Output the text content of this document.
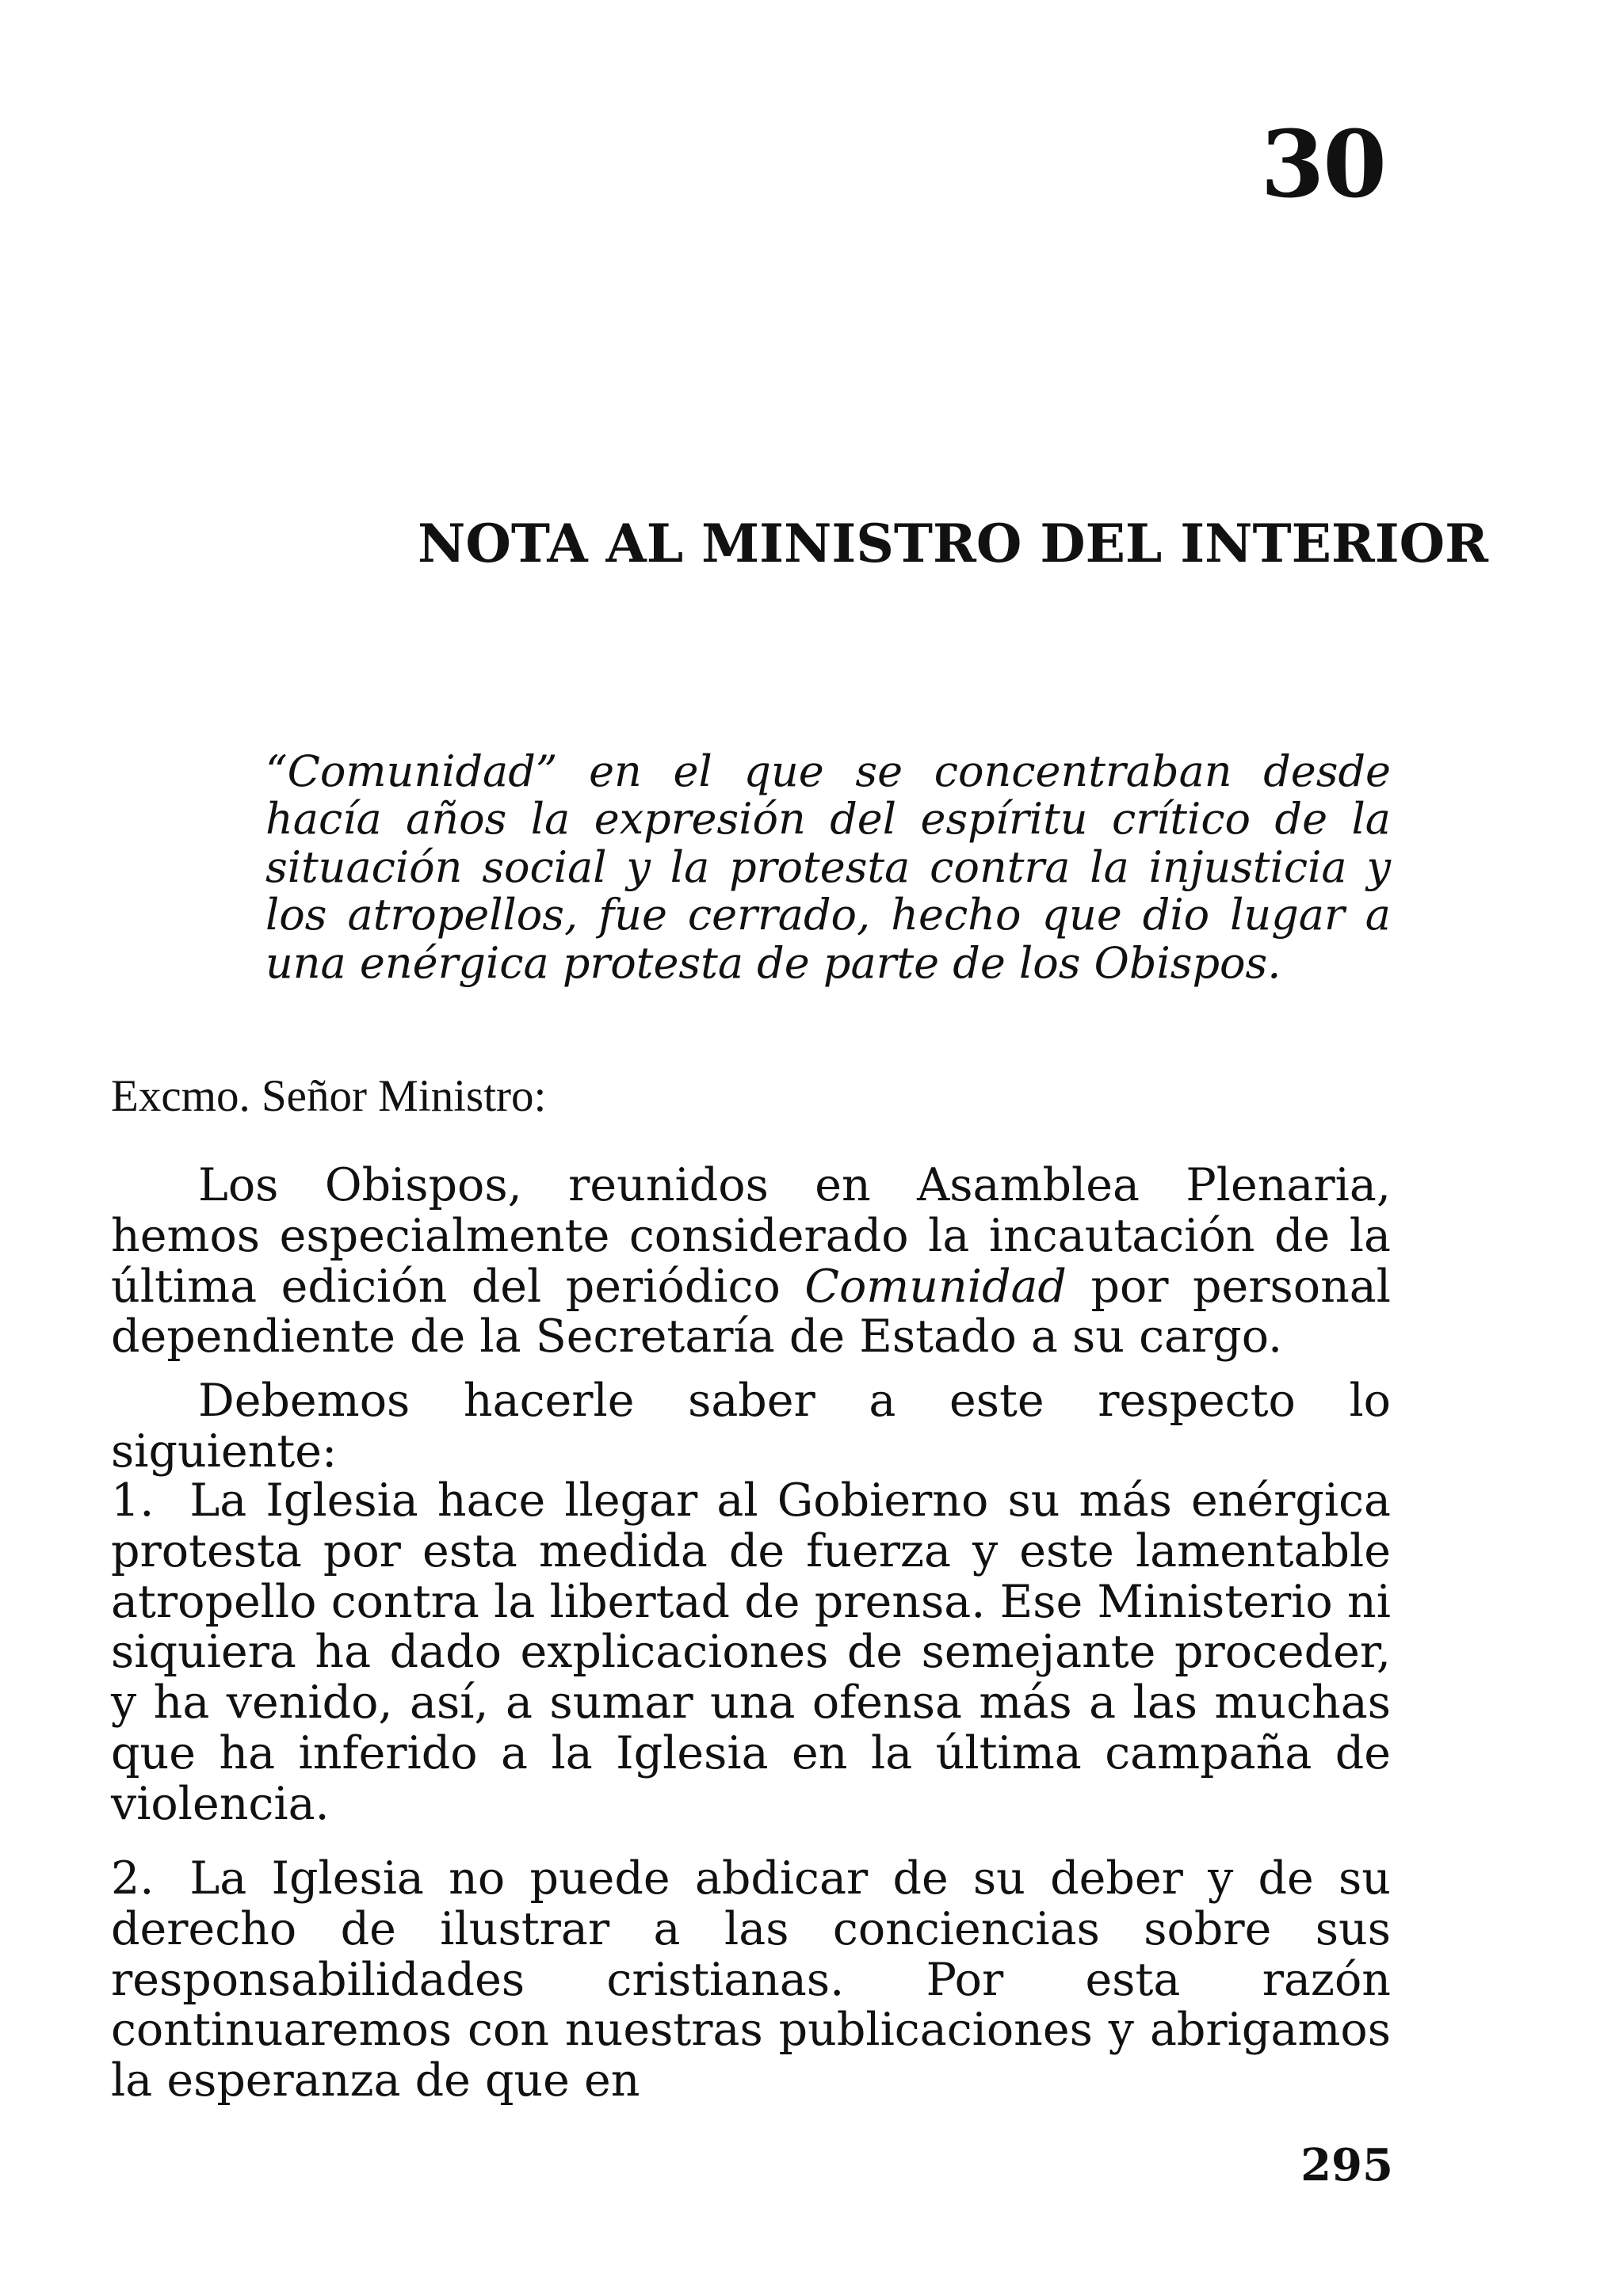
30
NOTA AL MINISTRO DEL INTERIOR

“Comunidad” en el que se concentraban desde hacía años la expresión del espíritu crítico de la situación social y la protesta contra la injusticia y los atropellos, fue cerrado, hecho que dio lugar a una enérgica protesta de parte de los Obispos.

Excmo. Señor Ministro:

Los Obispos, reunidos en Asamblea Plenaria, hemos especialmente considerado la incautación de la última edición del periódico Comunidad por personal dependiente de la Secretaría de Estado a su cargo.

Debemos hacerle saber a este respecto lo siguiente:

1. La Iglesia hace llegar al Gobierno su más enérgica protesta por esta medida de fuerza y este lamentable atropello contra la libertad de prensa. Ese Ministerio ni siquiera ha dado explicaciones de semejante proceder, y ha venido, así, a sumar una ofensa más a las muchas que ha inferido a la Iglesia en la última campaña de violencia.

2. La Iglesia no puede abdicar de su deber y de su derecho de ilustrar a las conciencias sobre sus responsabilidades cristianas. Por esta razón continuaremos con nuestras publicaciones y abrigamos la esperanza de que en

295
